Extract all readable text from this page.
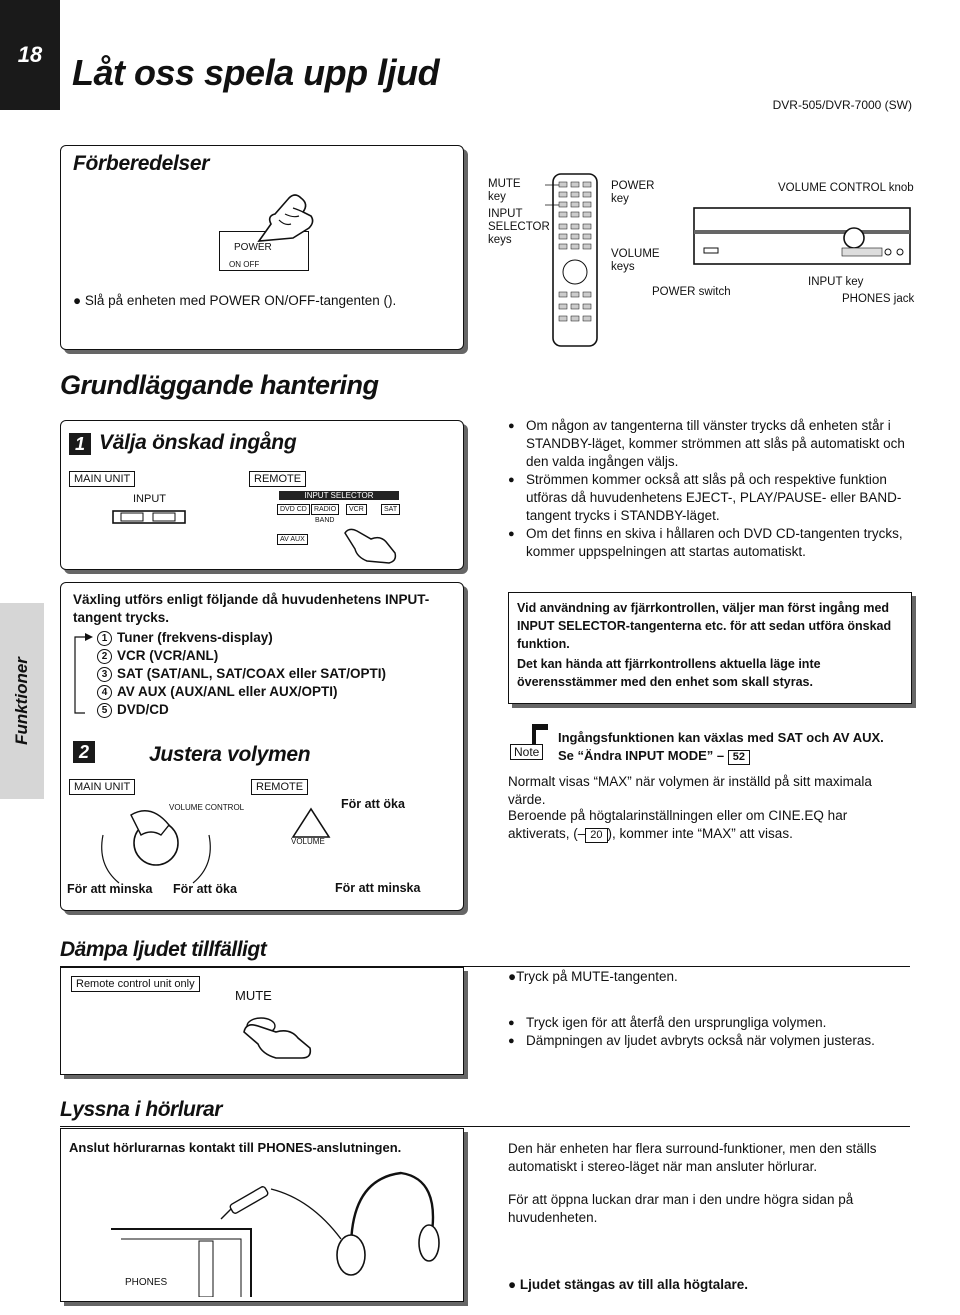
18 Låt oss spela upp ljud
DVR-505/DVR-7000 (SW)
Funktioner
Förberedelser
POWER
ON OFF
● Slå på enheten med POWER ON/OFF-tangenten ().
MUTE key
INPUT SELECTOR keys
POWER key
VOLUME keys
VOLUME CONTROL knob
POWER switch
INPUT key
PHONES jack
Grundläggande hantering
1 Välja önskad ingång
MAIN UNIT	REMOTE
INPUT	INPUT SELECTOR
DVD CD	RADIO	VCR	SAT
BAND
AV AUX
● Om någon av tangenterna till vänster trycks då enheten står i STANDBY-läget, kommer strömmen att slås på automatiskt och den valda ingången väljs.
● Strömmen kommer också att slås på och respektive funktion utföras då huvudenhetens EJECT-, PLAY/PAUSE- eller BAND-tangent trycks i STANDBY-läget.
● Om det finns en skiva i hållaren och DVD CD-tangenten trycks, kommer uppspelningen att startas automatiskt.
Växling utförs enligt följande då huvudenhetens INPUT-tangent trycks.
1 Tuner (frekvens-display)
2 VCR (VCR/ANL)
3 SAT (SAT/ANL, SAT/COAX eller SAT/OPTI)
4 AV AUX (AUX/ANL eller AUX/OPTI)
5 DVD/CD
2	Justera volymen
MAIN UNIT	REMOTE
VOLUME CONTROL
VOLUME
För att öka
För att minska För att öka	För att minska
Vid användning av fjärrkontrollen, väljer man först ingång med INPUT SELECTOR-tangenterna etc. för att sedan utföra önskad funktion.
Det kan hända att fjärrkontrollens aktuella läge inte överensstämmer med den enhet som skall styras.
Note
Ingångsfunktionen kan växlas med SAT och AV AUX. Se “Ändra INPUT MODE” – 52
Normalt visas “MAX” när volymen är inställd på sitt maximala värde.
Beroende på högtalarinställningen eller om CINE.EQ har aktiverats, (– 20 ), kommer inte “MAX” att visas.
Dämpa ljudet tillfälligt
Remote control unit only
MUTE
●Tryck på MUTE-tangenten.
● Tryck igen för att återfå den ursprungliga volymen.
● Dämpningen av ljudet avbryts också när volymen justeras.
Lyssna i hörlurar
Anslut hörlurarnas kontakt till PHONES-anslutningen.
PHONES
Den här enheten har flera surround-funktioner, men den ställs automatiskt i stereo-läget när man ansluter hörlurar.
För att öppna luckan drar man i den undre högra sidan på huvudenheten.
● Ljudet stängas av till alla högtalare.
